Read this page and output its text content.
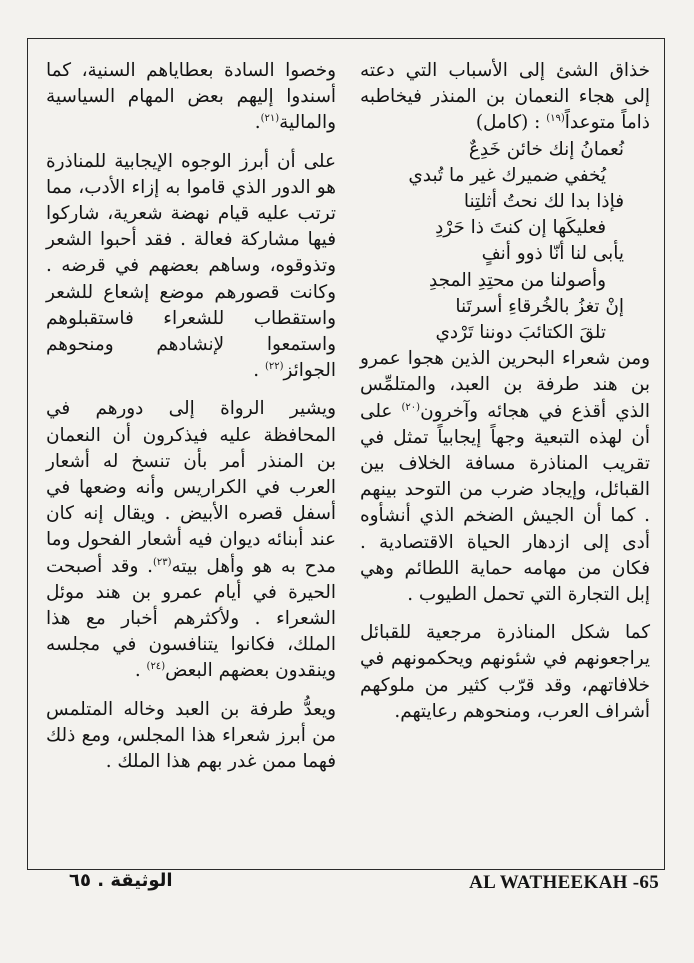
خذاق الشئ إلى الأسباب التي دعته إلى هجاء النعمان بن المنذر فيخاطبه ذاماً متوعداً$^{(١٩)}$ : (كامل)

نُعمانُ إنك خائن خَدِعٌ
يُخفي ضميرك غير ما تُبدي
فإذا بدا لك نحتُ أثلتِنا
فعليكَها إن كنتَ ذا حَرْدِ
يأبى لنا أنّا ذوو أنفٍ
وأصولنا من محتِدِ المجدِ
إنْ تغزُ بالخُرقاءِ أسرتَنا
تلقَ الكتائبَ دوننا تَرْدي

ومن شعراء البحرين الذين هجوا عمرو بن هند طرفة بن العبد، والمتلمِّس الذي أقذع في هجائه وآخرون$^{(٢٠)}$ على أن لهذه التبعية وجهاً إيجابياً تمثل في تقريب المناذرة مسافة الخلاف بين القبائل، وإيجاد ضرب من التوحد بينهم . كما أن الجيش الضخم الذي أنشأوه أدى إلى ازدهار الحياة الاقتصادية . فكان من مهامه حماية اللطائم وهي إبل التجارة التي تحمل الطيوب .

كما شكل المناذرة مرجعية للقبائل يراجعونهم في شئونهم ويحكمونهم في خلافاتهم، وقد قرّب كثير من ملوكهم أشراف العرب، ومنحوهم رعايتهم.

وخصوا السادة بعطاياهم السنية، كما أسندوا إليهم بعض المهام السياسية والمالية$^{(٢١)}$.

على أن أبرز الوجوه الإيجابية للمناذرة هو الدور الذي قاموا به إزاء الأدب، مما ترتب عليه قيام نهضة شعرية، شاركوا فيها مشاركة فعالة . فقد أحبوا الشعر وتذوقوه، وساهم بعضهم في قرضه . وكانت قصورهم موضع إشعاع للشعر واستقطاب للشعراء فاستقبلوهم واستمعوا لإنشادهم ومنحوهم الجوائز$^{(٢٢)}$ .

ويشير الرواة إلى دورهم في المحافظة عليه فيذكرون أن النعمان بن المنذر أمر بأن تنسخ له أشعار العرب في الكراريس وأنه وضعها في أسفل قصره الأبيض . ويقال إنه كان عند أبنائه ديوان فيه أشعار الفحول وما مدح به هو وأهل بيته$^{(٢٣)}$. وقد أصبحت الحيرة في أيام عمرو بن هند موئل الشعراء . ولأكثرهم أخبار مع هذا الملك، فكانوا يتنافسون في مجلسه وينقدون بعضهم البعض$^{(٢٤)}$ .

ويعدُّ طرفة بن العبد وخاله المتلمس من أبرز شعراء هذا المجلس، ومع ذلك فهما ممن غدر بهم هذا الملك .

AL WATHEEKAH -65
الوثيقة . ٦٥
